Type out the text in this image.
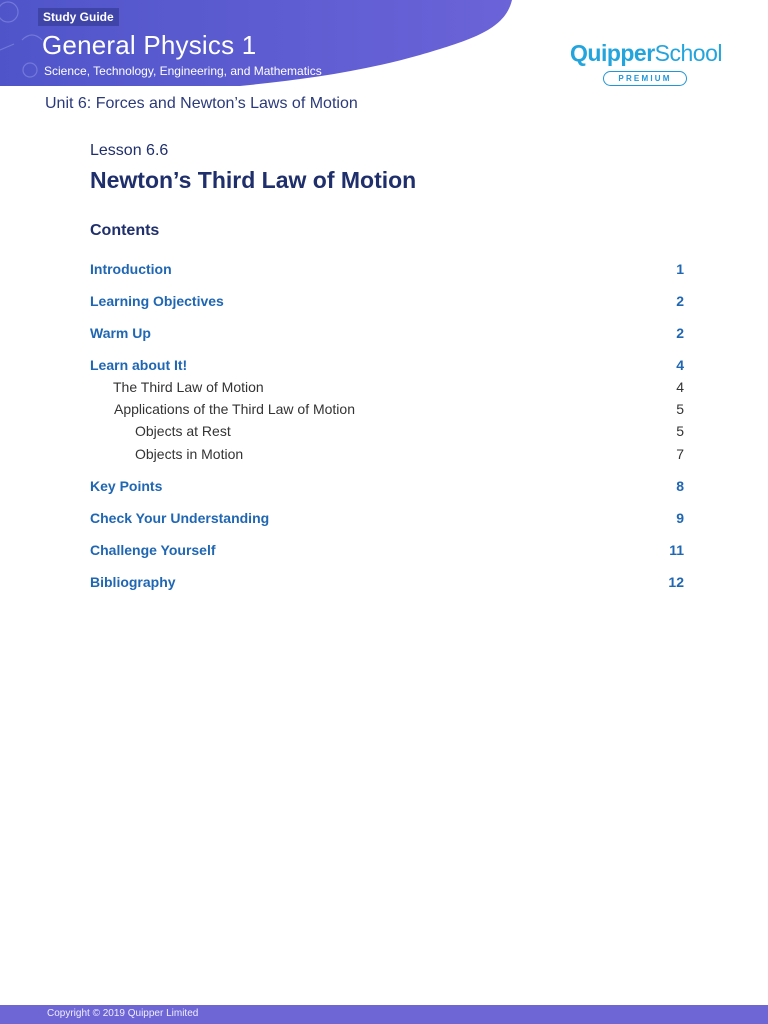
Study Guide
General Physics 1
Science, Technology, Engineering, and Mathematics
QuipperSchool
PREMIUM
Unit 6: Forces and Newton’s Laws of Motion
Lesson 6.6
Newton’s Third Law of Motion
Contents
Introduction	1
Learning Objectives	2
Warm Up	2
Learn about It!	4
The Third Law of Motion	4
Applications of the Third Law of Motion	5
Objects at Rest	5
Objects in Motion	7
Key Points	8
Check Your Understanding	9
Challenge Yourself	11
Bibliography	12
Copyright © 2019 Quipper Limited
